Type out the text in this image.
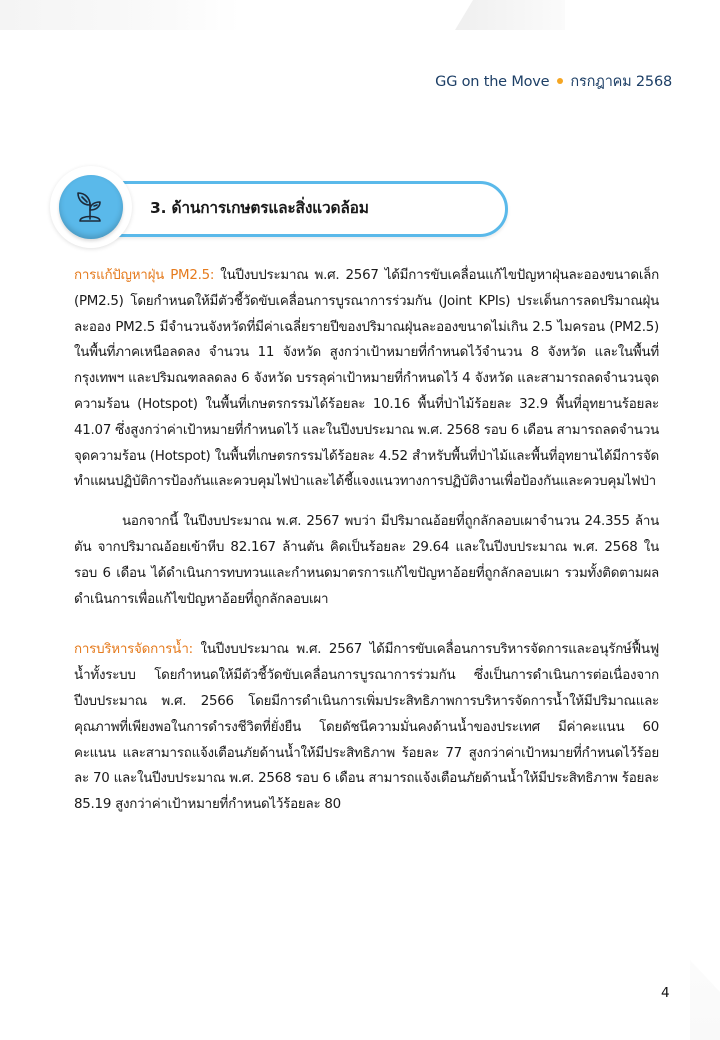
GG on the Move กรกฎาคม 2568
3. ด้านการเกษตรและสิ่งแวดล้อม

การแก้ปัญหาฝุ่น PM2.5: ในปีงบประมาณ พ.ศ. 2567 ได้มีการขับเคลื่อนแก้ไขปัญหาฝุ่นละอองขนาดเล็ก (PM2.5) โดยกำหนดให้มีตัวชี้วัดขับเคลื่อนการบูรณาการร่วมกัน (Joint KPIs) ประเด็นการลดปริมาณฝุ่นละออง PM2.5 มีจำนวนจังหวัดที่มีค่าเฉลี่ยรายปีของปริมาณฝุ่นละอองขนาดไม่เกิน 2.5 ไมครอน (PM2.5) ในพื้นที่ภาคเหนือลดลง จำนวน 11 จังหวัด สูงกว่าเป้าหมายที่กำหนดไว้จำนวน 8 จังหวัด และในพื้นที่กรุงเทพฯ และปริมณฑลลดลง 6 จังหวัด บรรลุค่าเป้าหมายที่กำหนดไว้ 4 จังหวัด และสามารถลดจำนวนจุดความร้อน (Hotspot) ในพื้นที่เกษตรกรรมได้ร้อยละ 10.16 พื้นที่ป่าไม้ร้อยละ 32.9 พื้นที่อุทยานร้อยละ 41.07 ซึ่งสูงกว่าค่าเป้าหมายที่กำหนดไว้ และในปีงบประมาณ พ.ศ. 2568 รอบ 6 เดือน สามารถลดจำนวนจุดความร้อน (Hotspot) ในพื้นที่เกษตรกรรมได้ร้อยละ 4.52 สำหรับพื้นที่ป่าไม้และพื้นที่อุทยานได้มีการจัดทำแผนปฏิบัติการป้องกันและควบคุมไฟป่าและได้ชี้แจงแนวทางการปฏิบัติงานเพื่อป้องกันและควบคุมไฟป่า

นอกจากนี้ ในปีงบประมาณ พ.ศ. 2567 พบว่า มีปริมาณอ้อยที่ถูกลักลอบเผาจำนวน 24.355 ล้านตัน จากปริมาณอ้อยเข้าหีบ 82.167 ล้านตัน คิดเป็นร้อยละ 29.64 และในปีงบประมาณ พ.ศ. 2568 ในรอบ 6 เดือน ได้ดำเนินการทบทวนและกำหนดมาตรการแก้ไขปัญหาอ้อยที่ถูกลักลอบเผา รวมทั้งติดตามผลดำเนินการเพื่อแก้ไขปัญหาอ้อยที่ถูกลักลอบเผา

การบริหารจัดการน้ำ: ในปีงบประมาณ พ.ศ. 2567 ได้มีการขับเคลื่อนการบริหารจัดการและอนุรักษ์ฟื้นฟูน้ำทั้งระบบ โดยกำหนดให้มีตัวชี้วัดขับเคลื่อนการบูรณาการร่วมกัน ซึ่งเป็นการดำเนินการต่อเนื่องจากปีงบประมาณ พ.ศ. 2566 โดยมีการดำเนินการเพิ่มประสิทธิภาพการบริหารจัดการน้ำให้มีปริมาณและคุณภาพที่เพียงพอในการดำรงชีวิตที่ยั่งยืน โดยดัชนีความมั่นคงด้านน้ำของประเทศ มีค่าคะแนน 60 คะแนน และสามารถแจ้งเตือนภัยด้านน้ำให้มีประสิทธิภาพ ร้อยละ 77 สูงกว่าค่าเป้าหมายที่กำหนดไว้ร้อยละ 70 และในปีงบประมาณ พ.ศ. 2568 รอบ 6 เดือน สามารถแจ้งเตือนภัยด้านน้ำให้มีประสิทธิภาพ ร้อยละ 85.19 สูงกว่าค่าเป้าหมายที่กำหนดไว้ร้อยละ 80

4
